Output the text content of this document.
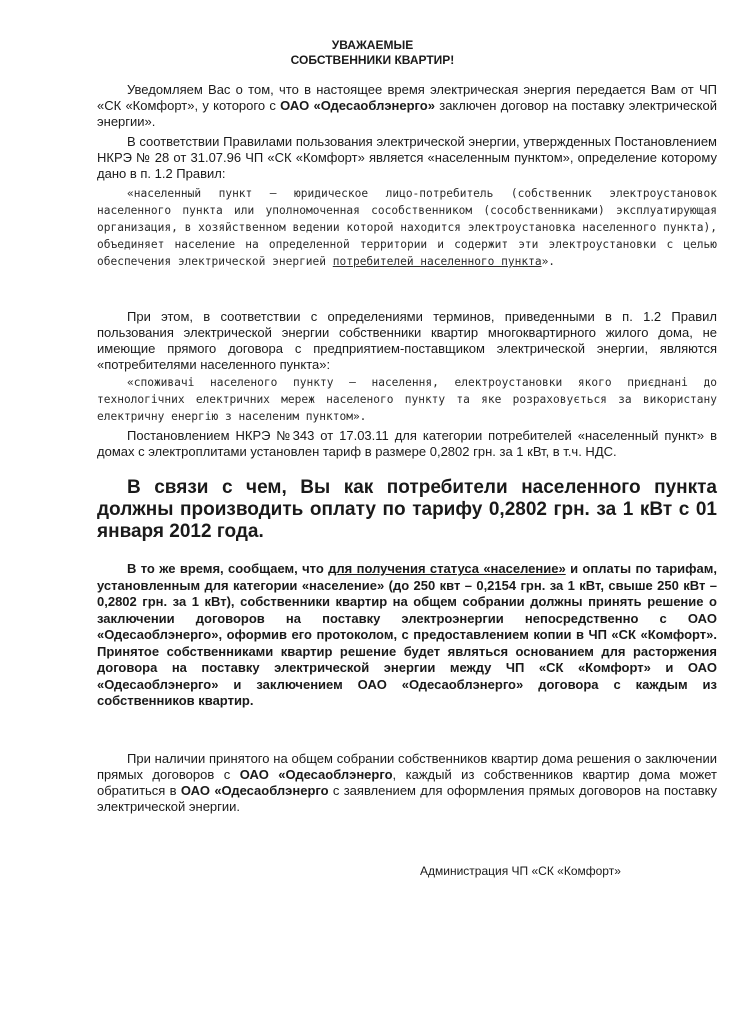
УВАЖАЕМЫЕ
СОБСТВЕННИКИ КВАРТИР!
Уведомляем Вас о том, что в настоящее время электрическая энергия передается Вам от ЧП «СК «Комфорт», у которого с ОАО «Одесаоблэнерго» заключен договор на поставку электрической энергии».
В соответствии Правилами пользования электрической энергии, утвержденных Постановлением НКРЭ № 28 от 31.07.96 ЧП «СК «Комфорт» является «населенным пунктом», определение которому дано в п. 1.2 Правил:
«населенный пункт – юридическое лицо-потребитель (собственник электроустановок населенного пункта или уполномоченная сособственником (сособственниками) эксплуатирующая организация, в хозяйственном ведении которой находится электроустановка населенного пункта), объединяет население на определенной территории и содержит эти электроустановки с целью обеспечения электрической энергией потребителей населенного пункта».
При этом, в соответствии с определениями терминов, приведенными в п. 1.2 Правил пользования электрической энергии собственники квартир многоквартирного жилого дома, не имеющие прямого договора с предприятием-поставщиком электрической энергии, являются «потребителями населенного пункта»:
«споживачі населеного пункту – населення, електроустановки якого приєднані до технологічних електричних мереж населеного пункту та яке розраховується за використану електричну енергію з населеним пунктом».
Постановлением НКРЭ №343 от 17.03.11 для категории потребителей «населенный пункт» в домах с электроплитами установлен тариф в размере 0,2802 грн. за 1 кВт, в т.ч. НДС.
В связи с чем, Вы как потребители населенного пункта должны производить оплату по тарифу 0,2802 грн. за 1 кВт с 01 января 2012 года.
В то же время, сообщаем, что для получения статуса «население» и оплаты по тарифам, установленным для категории «население» (до 250 квт – 0,2154 грн. за 1 кВт, свыше 250 кВт – 0,2802 грн. за 1 кВт), собственники квартир на общем собрании должны принять решение о заключении договоров на поставку электроэнергии непосредственно с ОАО «Одесаоблэнерго», оформив его протоколом, с предоставлением копии в ЧП «СК «Комфорт». Принятое собственниками квартир решение будет являться основанием для расторжения договора на поставку электрической энергии между ЧП «СК «Комфорт» и ОАО «Одесаоблэнерго» и заключением ОАО «Одесаоблэнерго» договора с каждым из собственников квартир.
При наличии принятого на общем собрании собственников квартир дома решения о заключении прямых договоров с ОАО «Одесаоблэнерго, каждый из собственников квартир дома может обратиться в ОАО «Одесаоблэнерго с заявлением для оформления прямых договоров на поставку электрической энергии.
Администрация ЧП «СК «Комфорт»
